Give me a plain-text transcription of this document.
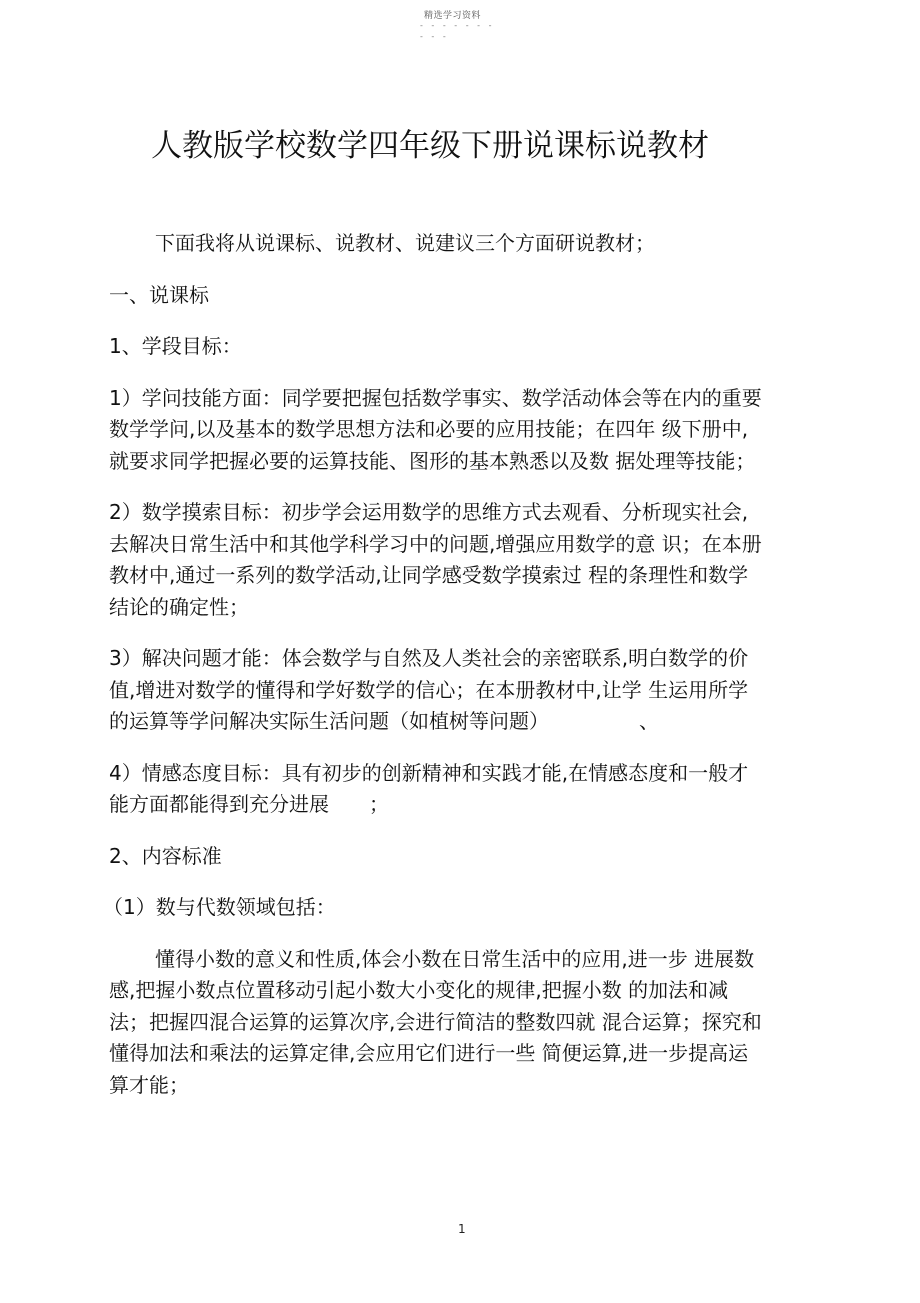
精选学习资料
- - - - - - -
- - -
人教版学校数学四年级下册说课标说教材

下面我将从说课标、说教材、说建议三个方面研说教材；

一、说课标

1、学段目标：

1）学问技能方面：同学要把握包括数学事实、数学活动体会等在内的重要数学学问,以及基本的数学思想方法和必要的应用技能；在四年 级下册中,就要求同学把握必要的运算技能、图形的基本熟悉以及数 据处理等技能；

2）数学摸索目标：初步学会运用数学的思维方式去观看、分析现实社会,去解决日常生活中和其他学科学习中的问题,增强应用数学的意 识；在本册教材中,通过一系列的数学活动,让同学感受数学摸索过 程的条理性和数学结论的确定性；

3）解决问题才能：体会数学与自然及人类社会的亲密联系,明白数学的价值,增进对数学的懂得和学好数学的信心；在本册教材中,让学 生运用所学的运算等学问解决实际生活问题（如植树等问题）　　　　　、

4）情感态度目标：具有初步的创新精神和实践才能,在情感态度和一般才能方面都能得到充分进展　　；

2、内容标准

（1）数与代数领域包括：

懂得小数的意义和性质,体会小数在日常生活中的应用,进一步 进展数感,把握小数点位置移动引起小数大小变化的规律,把握小数 的加法和减法；把握四混合运算的运算次序,会进行简洁的整数四就 混合运算；探究和懂得加法和乘法的运算定律,会应用它们进行一些 简便运算,进一步提高运算才能；

1
